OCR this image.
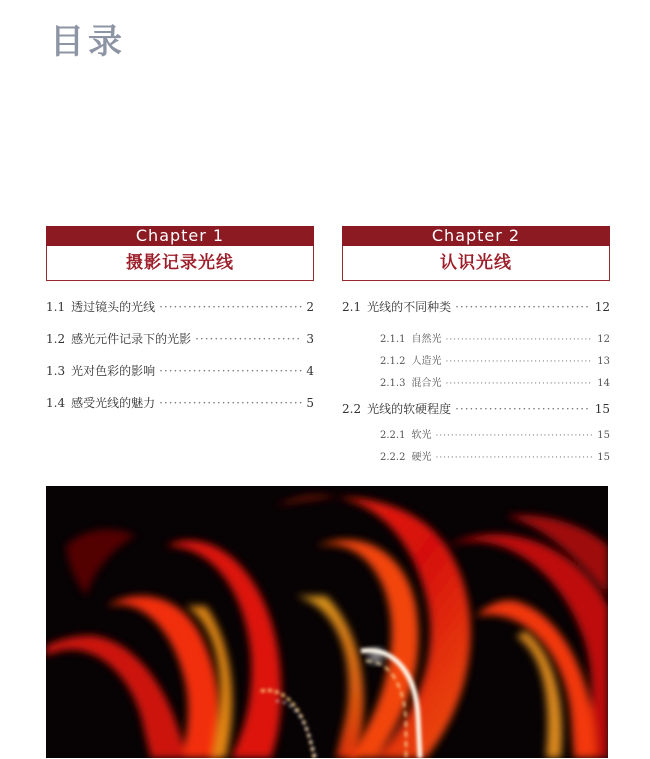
目录
Chapter 1
摄影记录光线
Chapter 2
认识光线
1.1 透过镜头的光线 ·····	2
1.2 感光元件记录下的光影 ·····	3
1.3 光对色彩的影响 ·····	4
1.4 感受光线的魅力 ·····	5
2.1 光线的不同种类 ·····	12
2.1.1 自然光 ·····	12
2.1.2 人造光 ·····	13
2.1.3 混合光 ·····	14
2.2 光线的软硬程度 ·····	15
2.2.1 软光 ·····	15
2.2.2 硬光 ·····	15
